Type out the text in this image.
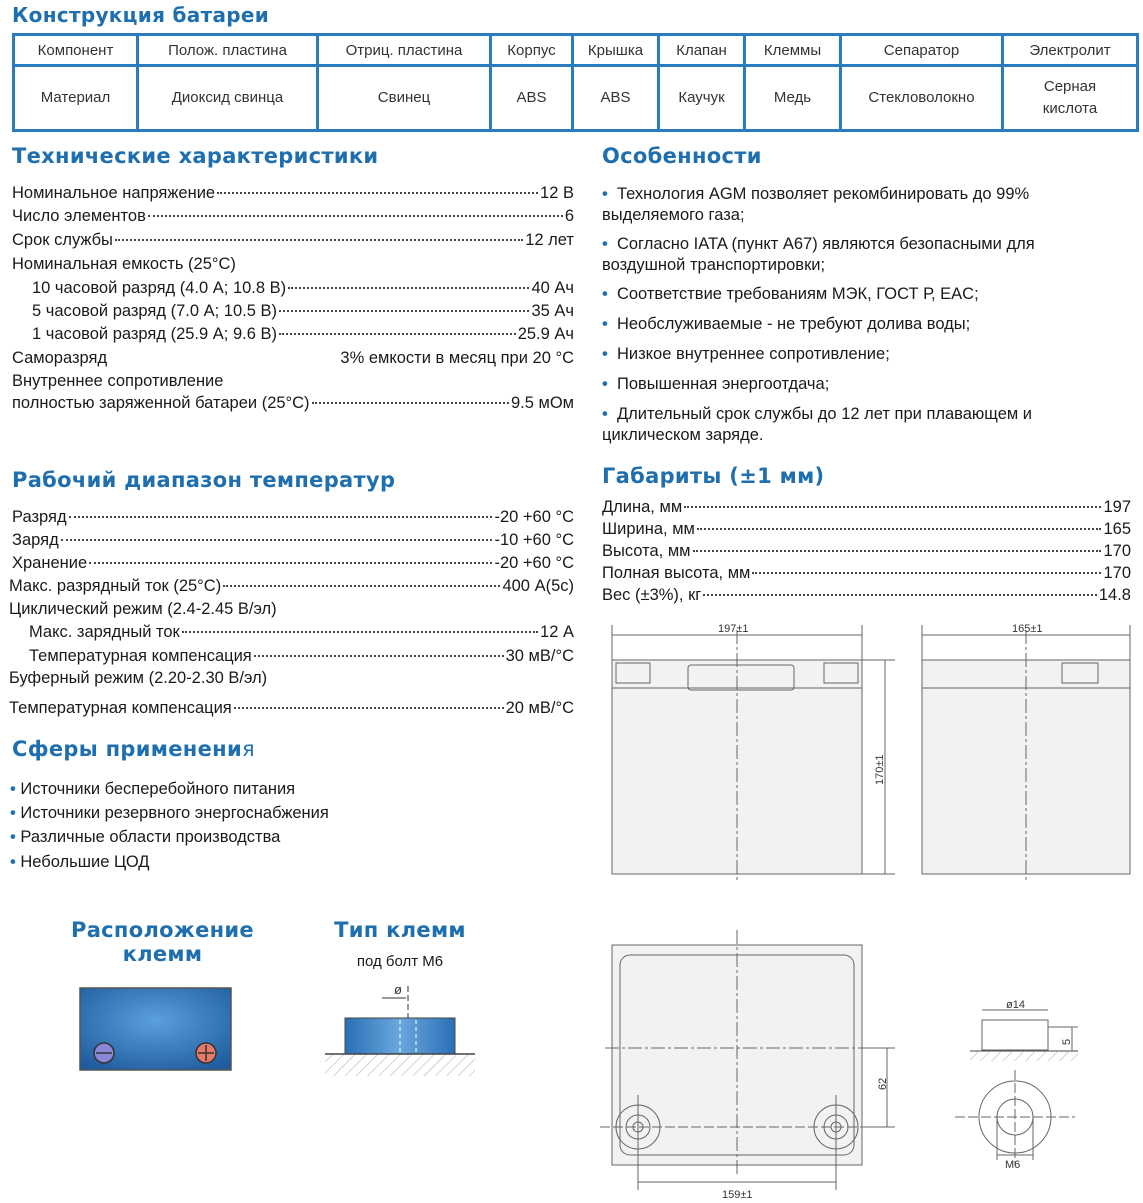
Конструкция батареи
Компонент	Полож. пластина	Отриц. пластина	Корпус	Крышка	Клапан	Клеммы	Сепаратор	Электролит
Материал	Диоксид свинца	Свинец	ABS	ABS	Каучук	Медь	Стекловолокно	Серная кислота
Технические характеристики
Номинальное напряжение	12 В
Число элементов	6
Срок службы	12 лет
Номинальная емкость (25°С)
10 часовой разряд (4.0 А; 10.8 В)	40 Ач
5 часовой разряд (7.0 А; 10.5 В)	35 Ач
1 часовой разряд (25.9 А; 9.6 В)	25.9 Ач
Саморазряд	3% емкости в месяц при 20 °С
Внутреннее сопротивление
полностью заряженной батареи (25°С)	9.5 мОм
Рабочий диапазон температур
Разряд	-20 +60 °С
Заряд	-10 +60 °С
Хранение	-20 +60 °С
Макс. разрядный ток (25°С)	400 А(5с)
Циклический режим (2.4-2.45 В/эл)
Макс. зарядный ток	12 А
Температурная компенсация	30 мВ/°С
Буферный режим (2.20-2.30 В/эл)
Температурная компенсация	20 мВ/°С
Сферы применения
• Источники бесперебойного питания
• Источники резервного энергоснабжения
• Различные области производства
• Небольшие ЦОД
Расположение
клемм
Тип клемм
под болт М6
ø
Особенности
• Технология AGM позволяет рекомбинировать до 99% выделяемого газа;
• Согласно IATA (пункт А67) являются безопасными для воздушной транспортировки;
• Соответствие требованиям МЭК, ГОСТ Р, EAC;
• Необслуживаемые - не требуют долива воды;
• Низкое внутреннее сопротивление;
• Повышенная энергоотдача;
• Длительный срок службы до 12 лет при плавающем и циклическом заряде.
Габариты (±1 мм)
Длина, мм	197
Ширина, мм	165
Высота, мм	170
Полная высота, мм	170
Вес (±3%), кг	14.8
197±1	165±1
170±1
62
159±1
ø14
5
M6
